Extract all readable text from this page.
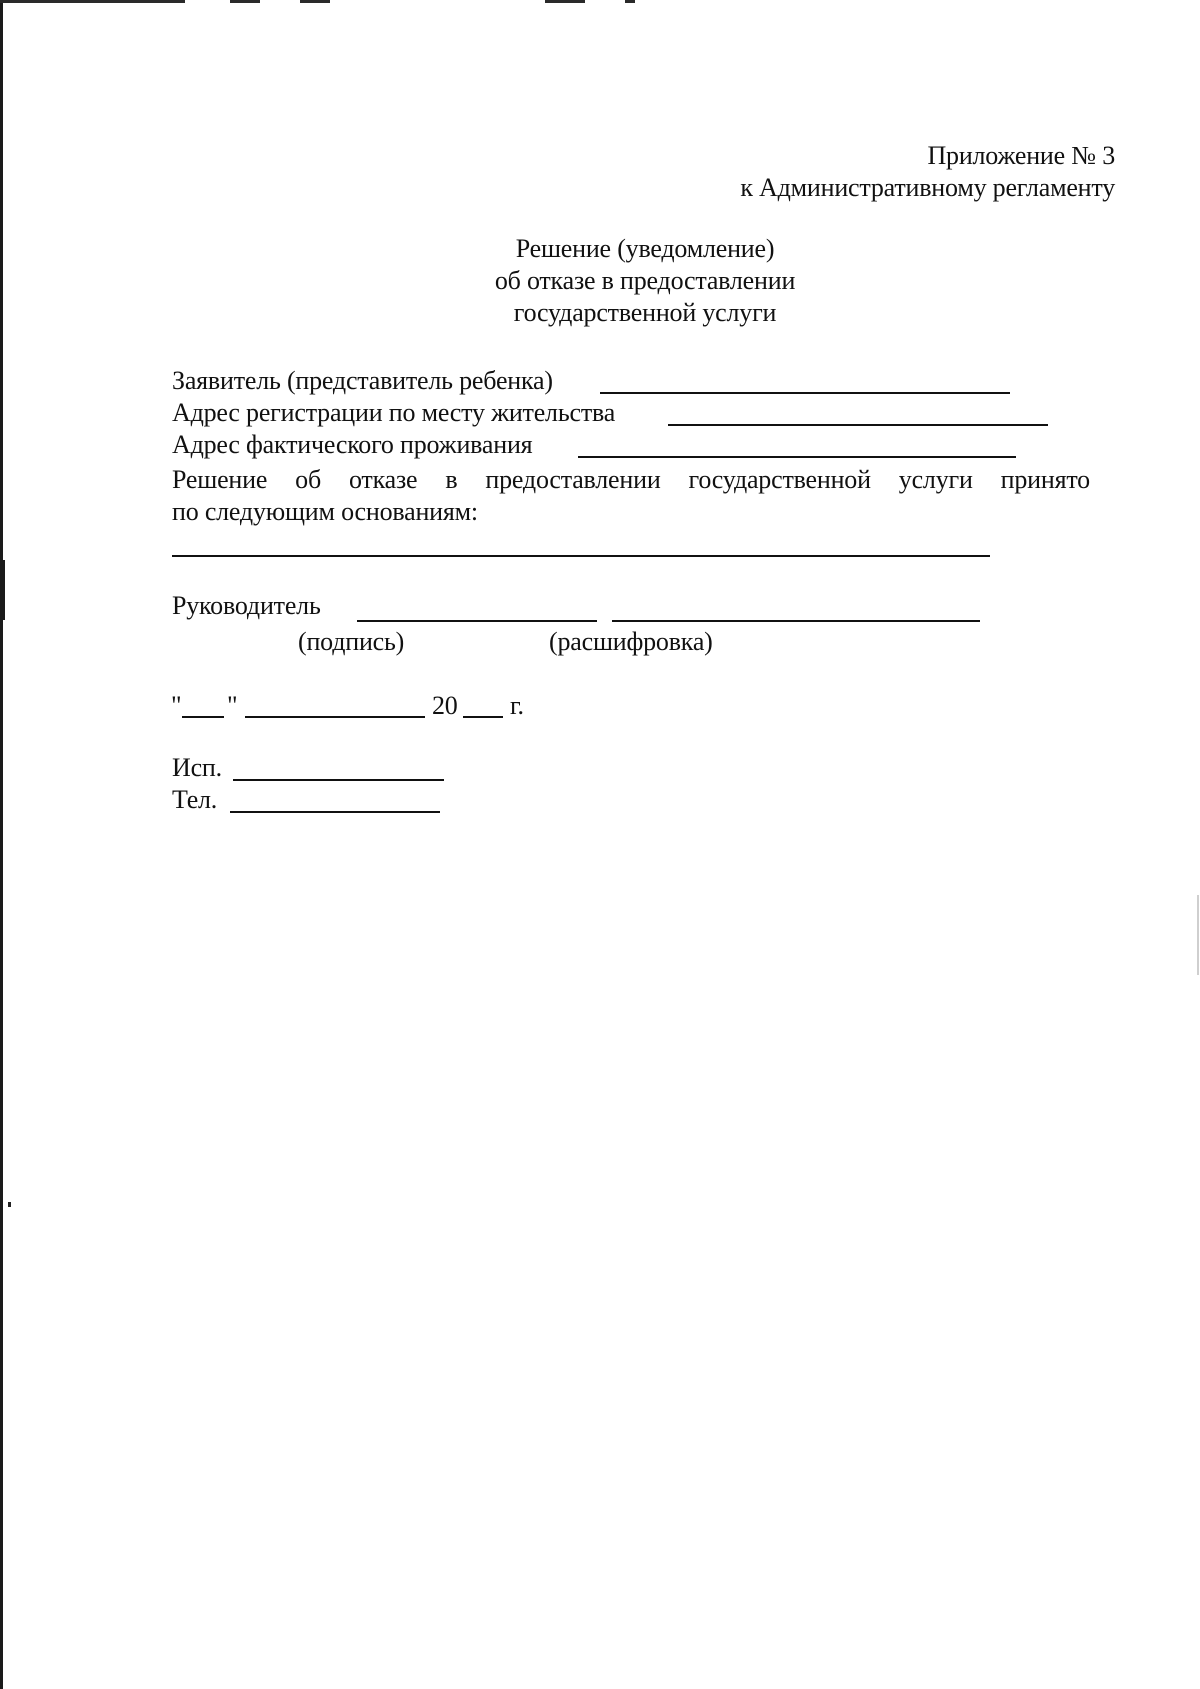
Приложение № 3
к Административному регламенту
Решение (уведомление)
об отказе в предоставлении
государственной услуги
Заявитель (представитель ребенка)
Адрес регистрации по месту жительства
Адрес фактического проживания
Решение об отказе в предоставлении государственной услуги принято
по следующим основаниям:
Руководитель
(подпись)	(расшифровка)
" "	20 г.
Исп.
Тел.
